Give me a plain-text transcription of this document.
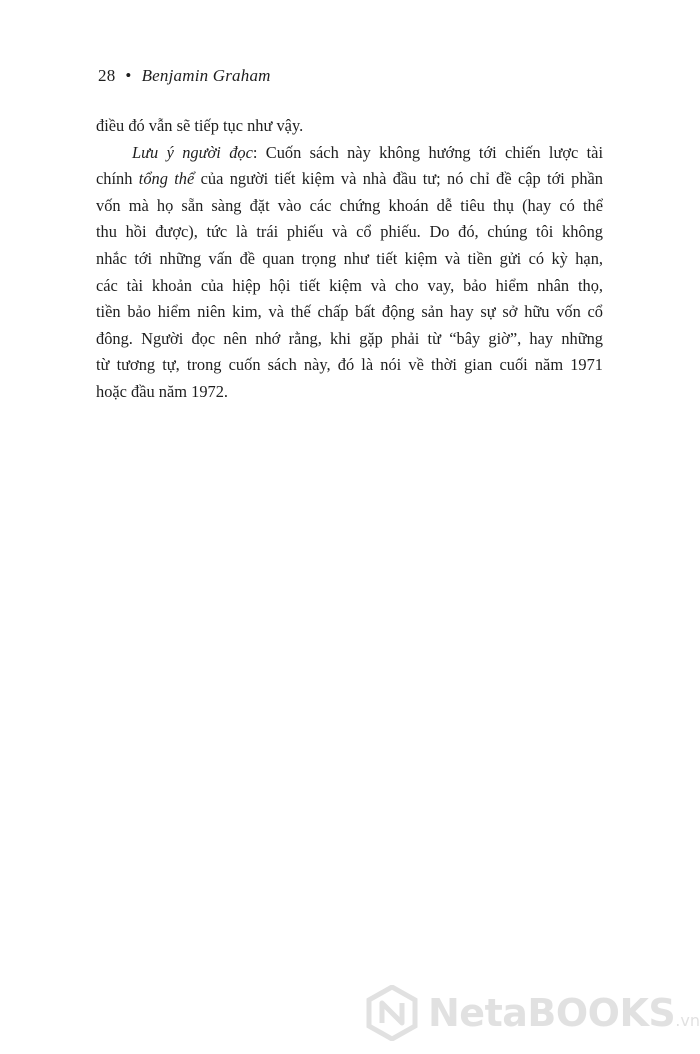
28 • Benjamin Graham
điều đó vẫn sẽ tiếp tục như vậy.
Lưu ý người đọc: Cuốn sách này không hướng tới chiến lược tài
chính tổng thể của người tiết kiệm và nhà đầu tư; nó chỉ đề cập tới phần
vốn mà họ sẵn sàng đặt vào các chứng khoán dễ tiêu thụ (hay có thể
thu hồi được), tức là trái phiếu và cổ phiếu. Do đó, chúng tôi không
nhắc tới những vấn đề quan trọng như tiết kiệm và tiền gửi có kỳ hạn,
các tài khoản của hiệp hội tiết kiệm và cho vay, bảo hiểm nhân thọ,
tiền bảo hiểm niên kim, và thế chấp bất động sản hay sự sở hữu vốn cổ
đông. Người đọc nên nhớ rằng, khi gặp phải từ “bây giờ”, hay những
từ tương tự, trong cuốn sách này, đó là nói về thời gian cuối năm 1971
hoặc đầu năm 1972.
NetaBOOKS.vn
